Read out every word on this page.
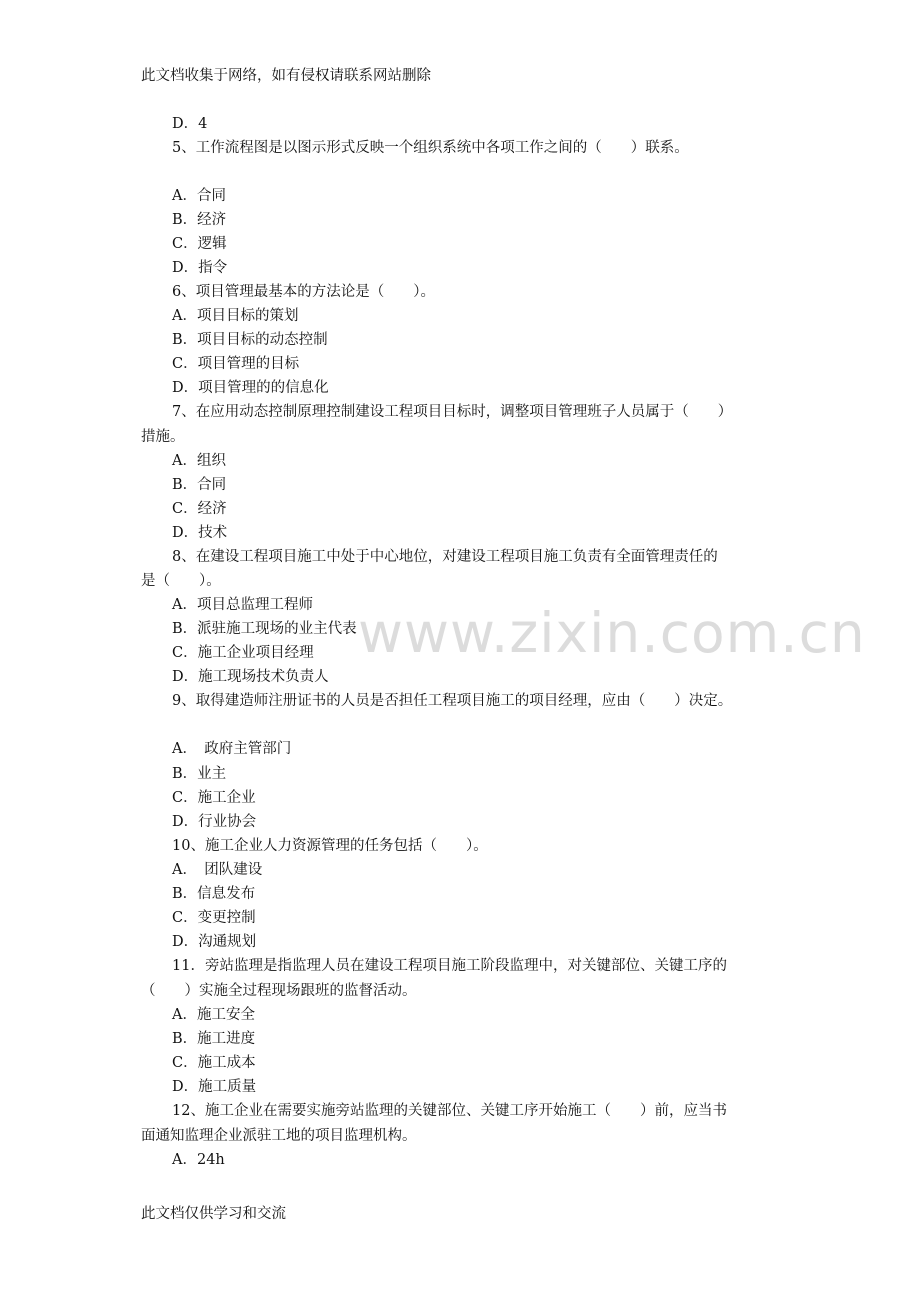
此文档收集于网络，如有侵权请联系网站删除
www.zixin.com.cn
D．4
5、工作流程图是以图示形式反映一个组织系统中各项工作之间的（　　）联系。
A．合同
B．经济
C．逻辑
D．指令
6、项目管理最基本的方法论是（　　）。
A．项目目标的策划
B．项目目标的动态控制
C．项目管理的目标
D．项目管理的的信息化
7、在应用动态控制原理控制建设工程项目目标时，调整项目管理班子人员属于（　　）
措施。
A．组织
B．合同
C．经济
D．技术
8、在建设工程项目施工中处于中心地位，对建设工程项目施工负责有全面管理责任的
是（　　）。
A．项目总监理工程师
B．派驻施工现场的业主代表
C．施工企业项目经理
D．施工现场技术负责人
9、取得建造师注册证书的人员是否担任工程项目施工的项目经理，应由（　　）决定。
A．　政府主管部门
B．业主
C．施工企业
D．行业协会
10、施工企业人力资源管理的任务包括（　　）。
A．　团队建设
B．信息发布
C．变更控制
D．沟通规划
11．旁站监理是指监理人员在建设工程项目施工阶段监理中，对关键部位、关键工序的
（　　）实施全过程现场跟班的监督活动。
A．施工安全
B．施工进度
C．施工成本
D．施工质量
12、施工企业在需要实施旁站监理的关键部位、关键工序开始施工（　　）前，应当书
面通知监理企业派驻工地的项目监理机构。
A．24h
此文档仅供学习和交流
